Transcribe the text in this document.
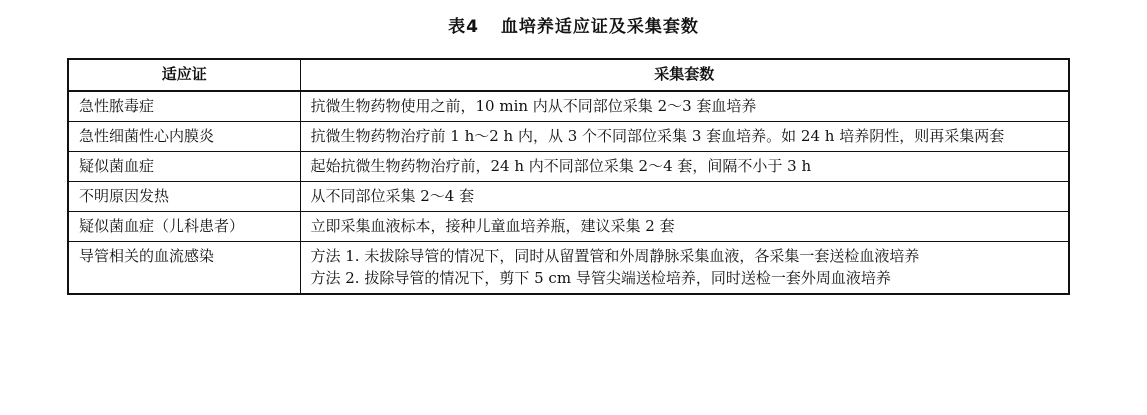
表4 血培养适应证及采集套数
适应证	采集套数
急性脓毒症	抗微生物药物使用之前，10 min 内从不同部位采集 2～3 套血培养

急性细菌性心内膜炎	抗微生物药物治疗前 1 h～2 h 内，从 3 个不同部位采集 3 套血培养。如 24 h 培养阴性，则再采集两套

疑似菌血症	起始抗微生物药物治疗前，24 h 内不同部位采集 2～4 套，间隔不小于 3 h

不明原因发热	从不同部位采集 2～4 套

疑似菌血症（儿科患者）	立即采集血液标本，接种儿童血培养瓶，建议采集 2 套

导管相关的血流感染	方法 1. 未拔除导管的情况下，同时从留置管和外周静脉采集血液，各采集一套送检血液培养
方法 2. 拔除导管的情况下，剪下 5 cm 导管尖端送检培养，同时送检一套外周血液培养
